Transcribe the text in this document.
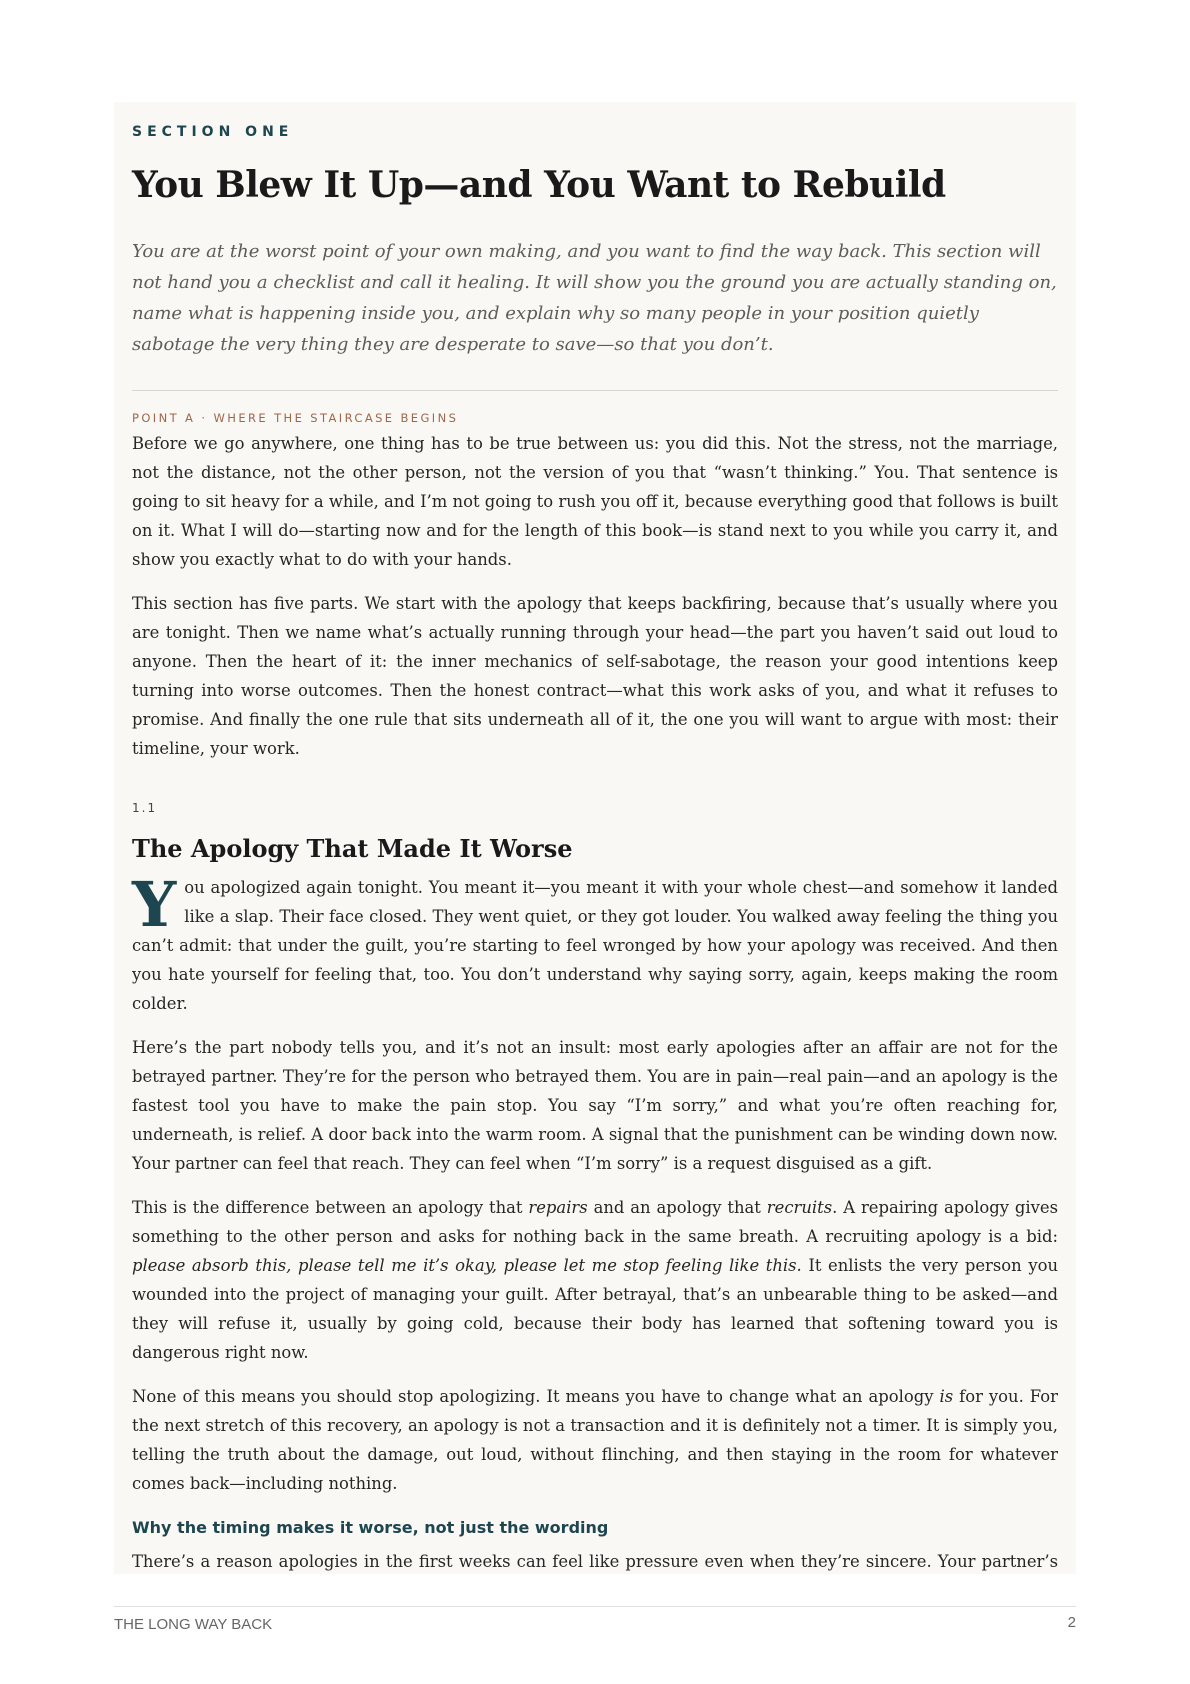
SECTION ONE
You Blew It Up—and You Want to Rebuild

You are at the worst point of your own making, and you want to find the way back. This section will not hand you a checklist and call it healing. It will show you the ground you are actually standing on, name what is happening inside you, and explain why so many people in your position quietly sabotage the very thing they are desperate to save—so that you don’t.

POINT A · WHERE THE STAIRCASE BEGINS

Before we go anywhere, one thing has to be true between us: you did this. Not the stress, not the marriage, not the distance, not the other person, not the version of you that “wasn’t thinking.” You. That sentence is going to sit heavy for a while, and I’m not going to rush you off it, because everything good that follows is built on it. What I will do—starting now and for the length of this book—is stand next to you while you carry it, and show you exactly what to do with your hands.

This section has five parts. We start with the apology that keeps backfiring, because that’s usually where you are tonight. Then we name what’s actually running through your head—the part you haven’t said out loud to anyone. Then the heart of it: the inner mechanics of self-sabotage, the reason your good intentions keep turning into worse outcomes. Then the honest contract—what this work asks of you, and what it refuses to promise. And finally the one rule that sits underneath all of it, the one you will want to argue with most: their timeline, your work.

1.1
The Apology That Made It Worse

You apologized again tonight. You meant it—you meant it with your whole chest—and somehow it landed like a slap. Their face closed. They went quiet, or they got louder. You walked away feeling the thing you can’t admit: that under the guilt, you’re starting to feel wronged by how your apology was received. And then you hate yourself for feeling that, too. You don’t understand why saying sorry, again, keeps making the room colder.

Here’s the part nobody tells you, and it’s not an insult: most early apologies after an affair are not for the betrayed partner. They’re for the person who betrayed them. You are in pain—real pain—and an apology is the fastest tool you have to make the pain stop. You say “I’m sorry,” and what you’re often reaching for, underneath, is relief. A door back into the warm room. A signal that the punishment can be winding down now. Your partner can feel that reach. They can feel when “I’m sorry” is a request disguised as a gift.

This is the difference between an apology that repairs and an apology that recruits. A repairing apology gives something to the other person and asks for nothing back in the same breath. A recruiting apology is a bid: please absorb this, please tell me it’s okay, please let me stop feeling like this. It enlists the very person you wounded into the project of managing your guilt. After betrayal, that’s an unbearable thing to be asked—and they will refuse it, usually by going cold, because their body has learned that softening toward you is dangerous right now.

None of this means you should stop apologizing. It means you have to change what an apology is for you. For the next stretch of this recovery, an apology is not a transaction and it is definitely not a timer. It is simply you, telling the truth about the damage, out loud, without flinching, and then staying in the room for whatever comes back—including nothing.

Why the timing makes it worse, not just the wording

There’s a reason apologies in the first weeks can feel like pressure even when they’re sincere. Your partner’s

THE LONG WAY BACK	2
